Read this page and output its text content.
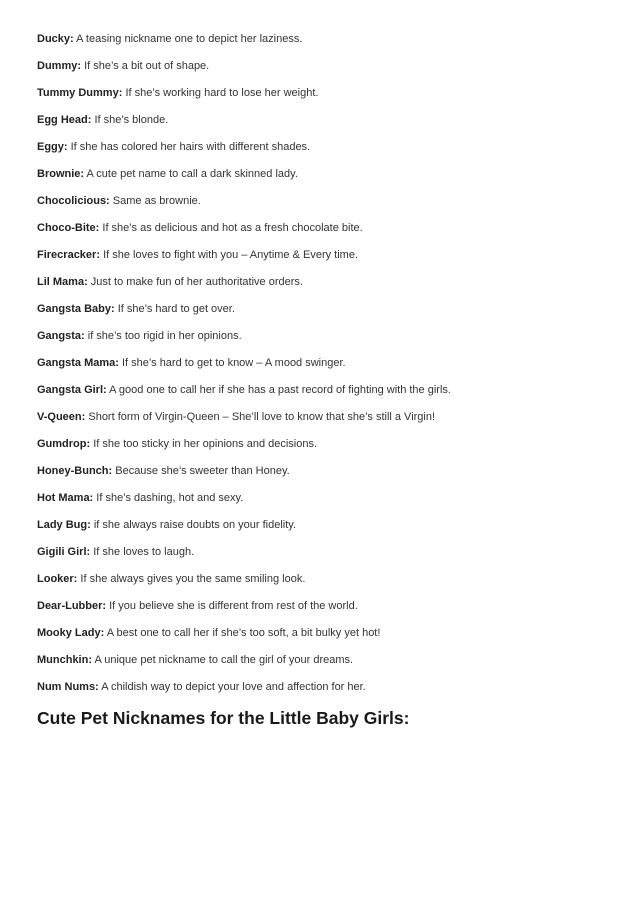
Ducky: A teasing nickname one to depict her laziness.
Dummy: If she’s a bit out of shape.
Tummy Dummy: If she’s working hard to lose her weight.
Egg Head: If she’s blonde.
Eggy: If she has colored her hairs with different shades.
Brownie: A cute pet name to call a dark skinned lady.
Chocolicious: Same as brownie.
Choco-Bite: If she’s as delicious and hot as a fresh chocolate bite.
Firecracker: If she loves to fight with you – Anytime & Every time.
Lil Mama: Just to make fun of her authoritative orders.
Gangsta Baby: If she’s hard to get over.
Gangsta: if she’s too rigid in her opinions.
Gangsta Mama: If she’s hard to get to know – A mood swinger.
Gangsta Girl: A good one to call her if she has a past record of fighting with the girls.
V-Queen: Short form of Virgin-Queen – She’ll love to know that she’s still a Virgin!
Gumdrop: If she too sticky in her opinions and decisions.
Honey-Bunch: Because she’s sweeter than Honey.
Hot Mama: If she’s dashing, hot and sexy.
Lady Bug: if she always raise doubts on your fidelity.
Gigili Girl: If she loves to laugh.
Looker: If she always gives you the same smiling look.
Dear-Lubber: If you believe she is different from rest of the world.
Mooky Lady: A best one to call her if she’s too soft, a bit bulky yet hot!
Munchkin: A unique pet nickname to call the girl of your dreams.
Num Nums: A childish way to depict your love and affection for her.
Cute Pet Nicknames for the Little Baby Girls:
